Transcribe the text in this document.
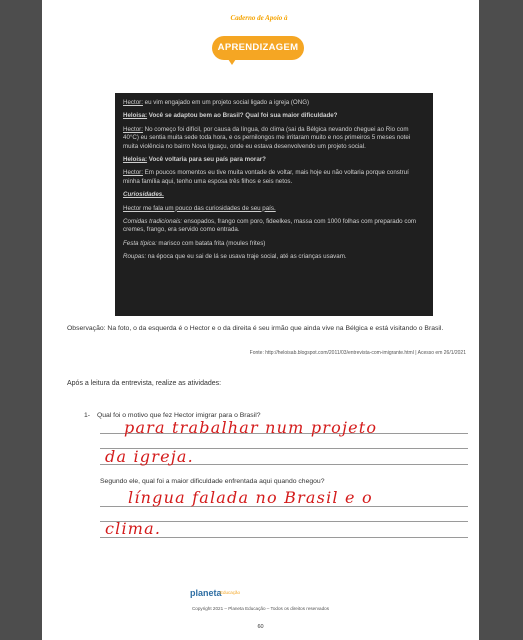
Caderno de Apoio à
APRENDIZAGEM

Hector: eu vim engajado em um projeto social ligado a igreja (ONG)

Heloisa: Você se adaptou bem ao Brasil? Qual foi sua maior dificuldade?

Hector: No começo foi difícil, por causa da língua, do clima (sai da Bélgica nevando cheguei ao Rio com 40°C) eu sentia muita sede toda hora, e os pernilongos me irritaram muito e nos primeiros 5 meses notei muita violência no bairro Nova Iguaçu, onde eu estava desenvolvendo um projeto social.

Heloisa: Você voltaria para seu país para morar?

Hector: Em poucos momentos eu tive muita vontade de voltar, mais hoje eu não voltaria porque construí minha família aqui, tenho uma esposa três filhos e seis netos.

Curiosidades.

Hector me fala um pouco das curiosidades de seu país.

Comidas tradicionais: ensopados, frango com poro, fideelkes, massa com 1000 folhas com preparado com cremes, frango, era servido como entrada.

Festa típica: marisco com batata frita (moules frites)

Roupas: na época que eu sai de lá se usava traje social, até as crianças usavam.

Observação: Na foto, o da esquerda é o Hector e o da direita é seu irmão que ainda vive na Bélgica e está visitando o Brasil.
Fonte: http://heloisab.blogspot.com/2011/03/entrevista-com-imigrante.html | Acesso em 26/1/2021
Após a leitura da entrevista, realize as atividades:
1- Qual foi o motivo que fez Hector imigrar para o Brasil?
para trabalhar num projeto
da igreja.
Segundo ele, qual foi a maior dificuldade enfrentada aqui quando chegou?
língua falada no Brasil e o
clima.
planeta
Educação
Copyright 2021 – Planeta Educação – Todos os direitos reservados
60
